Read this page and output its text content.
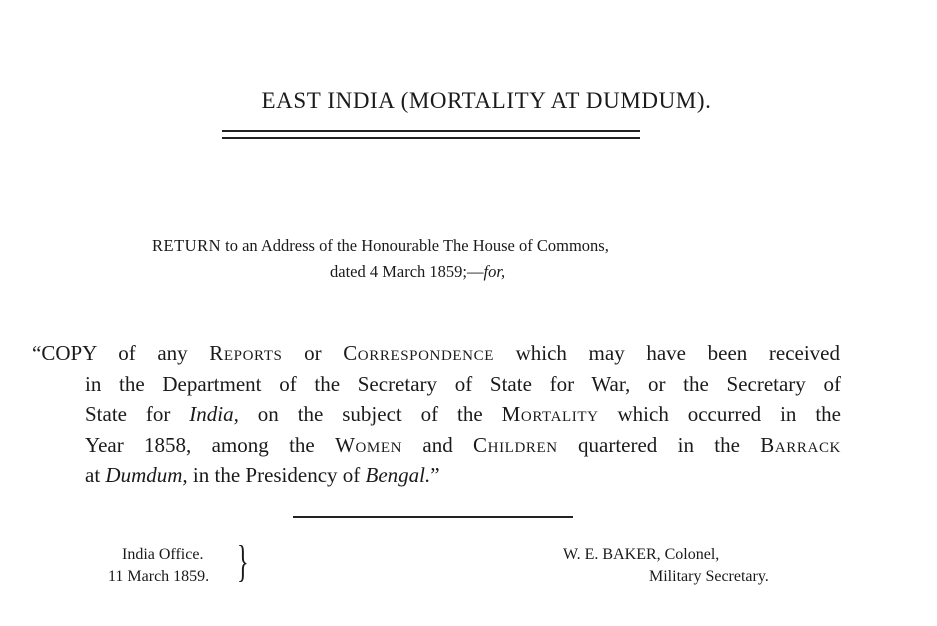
EAST INDIA (MORTALITY AT DUMDUM).
RETURN to an Address of the Honourable The House of Commons,
dated 4 March 1859;—for,
“COPY of any Reports or Correspondence which may have been received
in the Department of the Secretary of State for War, or the Secretary of
State for India, on the subject of the Mortality which occurred in the
Year 1858, among the Women and Children quartered in the Barrack
at Dumdum, in the Presidency of Bengal.”
India Office.
11 March 1859. }	W. E. BAKER, Colonel,
Military Secretary.
